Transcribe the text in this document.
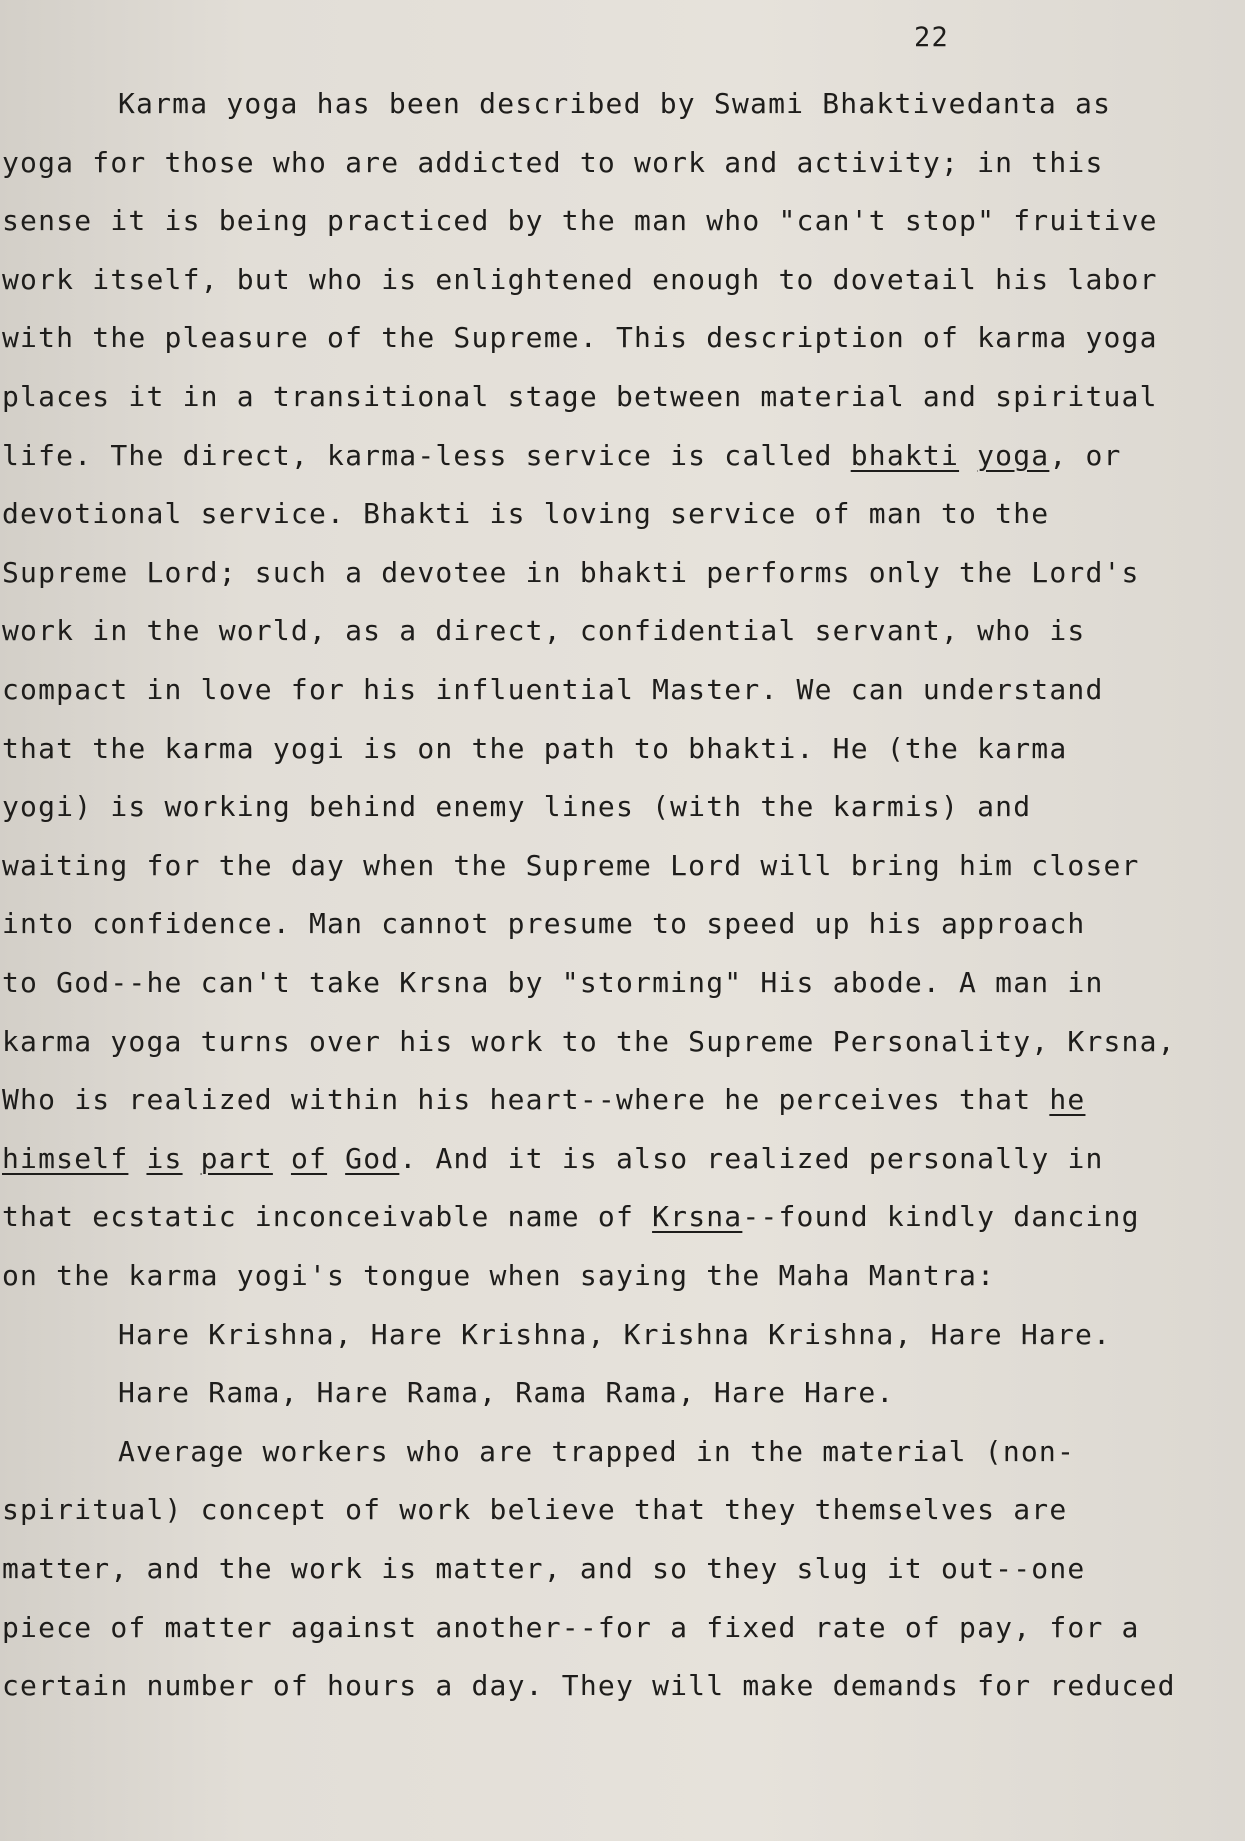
22
Karma yoga has been described by Swami Bhaktivedanta as
yoga for those who are addicted to work and activity; in this
sense it is being practiced by the man who "can't stop" fruitive
work itself, but who is enlightened enough to dovetail his labor
with the pleasure of the Supreme. This description of karma yoga
places it in a transitional stage between material and spiritual
life. The direct, karma-less service is called bhakti yoga, or
devotional service. Bhakti is loving service of man to the
Supreme Lord; such a devotee in bhakti performs only the Lord's
work in the world, as a direct, confidential servant, who is
compact in love for his influential Master. We can understand
that the karma yogi is on the path to bhakti. He (the karma
yogi) is working behind enemy lines (with the karmis) and
waiting for the day when the Supreme Lord will bring him closer
into confidence. Man cannot presume to speed up his approach
to God--he can't take Krsna by "storming" His abode. A man in
karma yoga turns over his work to the Supreme Personality, Krsna,
Who is realized within his heart--where he perceives that he
himself is part of God. And it is also realized personally in
that ecstatic inconceivable name of Krsna--found kindly dancing
on the karma yogi's tongue when saying the Maha Mantra:
Hare Krishna, Hare Krishna, Krishna Krishna, Hare Hare.
Hare Rama, Hare Rama, Rama Rama, Hare Hare.
Average workers who are trapped in the material (non-
spiritual) concept of work believe that they themselves are
matter, and the work is matter, and so they slug it out--one
piece of matter against another--for a fixed rate of pay, for a
certain number of hours a day. They will make demands for reduced
